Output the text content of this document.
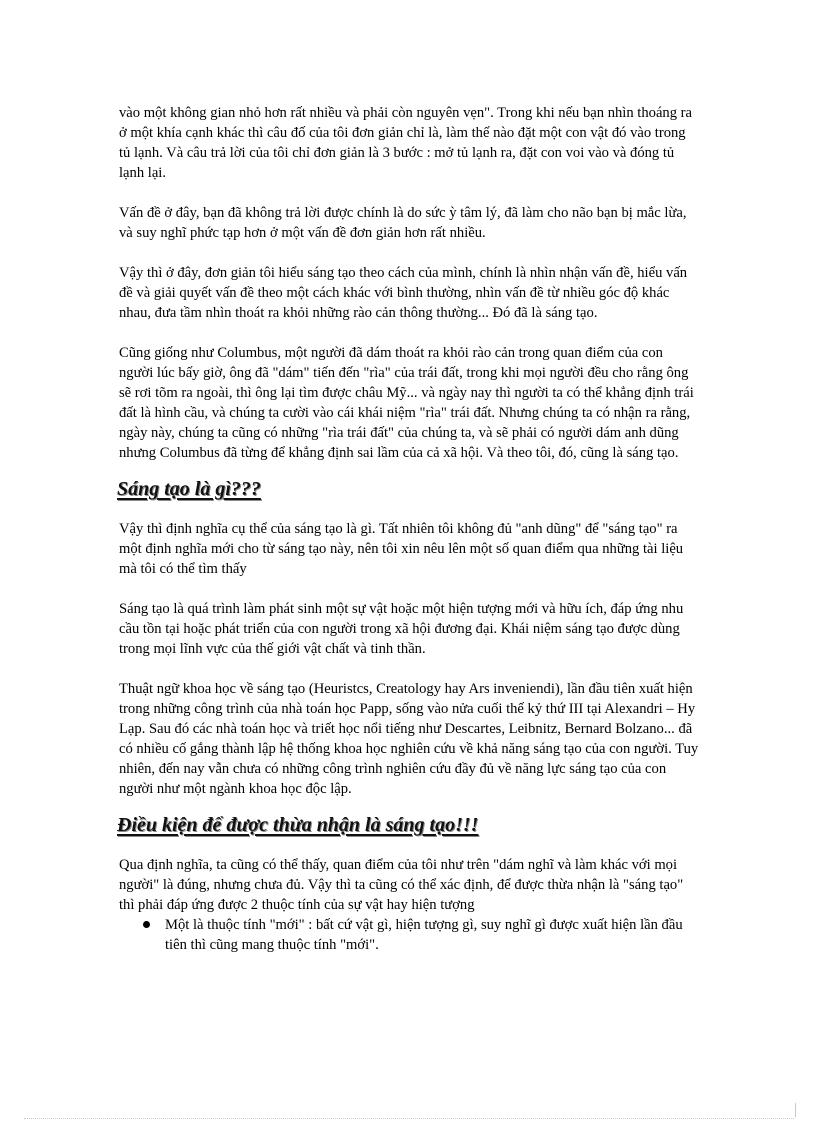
vào một không gian nhỏ hơn rất nhiều và phải còn nguyên vẹn". Trong khi nếu bạn nhìn thoáng ra ở một khía cạnh khác thì câu đố của tôi đơn giản chỉ là, làm thế nào đặt một con vật đó vào trong tủ lạnh. Và câu trả lời của tôi chỉ đơn giản là 3 bước : mở tủ lạnh ra, đặt con voi vào và đóng tủ lạnh lại.

Vấn đề ở đây, bạn đã không trả lời được chính là do sức ỳ tâm lý, đã làm cho não bạn bị mắc lừa, và suy nghĩ phức tạp hơn ở một vấn đề đơn giản hơn rất nhiều.

Vậy thì ở đây, đơn giản tôi hiểu sáng tạo theo cách của mình, chính là nhìn nhận vấn đề, hiểu vấn đề và giải quyết vấn đề theo một cách khác với bình thường, nhìn vấn đề từ nhiều góc độ khác nhau, đưa tầm nhìn thoát ra khỏi những rào cản thông thường... Đó đã là sáng tạo.

Cũng giống như Columbus, một người đã dám thoát ra khỏi rào cản trong quan điểm của con người lúc bấy giờ, ông đã "dám" tiến đến "rìa" của trái đất, trong khi mọi người đều cho rằng ông sẽ rơi tõm ra ngoài, thì ông lại tìm được châu Mỹ... và ngày nay thì người ta có thể khẳng định trái đất là hình cầu, và chúng ta cười vào cái khái niệm "rìa" trái đất. Nhưng chúng ta có nhận ra rằng, ngày này, chúng ta cũng có những "rìa trái đất" của chúng ta, và sẽ phải có người dám anh dũng nhưng Columbus đã từng để khẳng định sai lầm của cả xã hội. Và theo tôi, đó, cũng là sáng tạo.

Sáng tạo là gì???

Vậy thì định nghĩa cụ thể của sáng tạo là gì. Tất nhiên tôi không đủ "anh dũng" để "sáng tạo" ra một định nghĩa mới cho từ sáng tạo này, nên tôi xin nêu lên một số quan điểm qua những tài liệu mà tôi có thể tìm thấy

Sáng tạo là quá trình làm phát sinh một sự vật hoặc một hiện tượng mới và hữu ích, đáp ứng nhu cầu tồn tại hoặc phát triển của con người trong xã hội đương đại. Khái niệm sáng tạo được dùng trong mọi lĩnh vực của thế giới vật chất và tinh thần.

Thuật ngữ khoa học về sáng tạo (Heuristcs, Creatology hay Ars inveniendi), lần đầu tiên xuất hiện trong những công trình của nhà toán học Papp, sống vào nửa cuối thế kỷ thứ III tại Alexandri – Hy Lạp. Sau đó các nhà toán học và triết học nổi tiếng như Descartes, Leibnitz, Bernard Bolzano... đã có nhiều cố gắng thành lập hệ thống khoa học nghiên cứu về khả năng sáng tạo của con người. Tuy nhiên, đến nay vẫn chưa có những công trình nghiên cứu đầy đủ về năng lực sáng tạo của con người như một ngành khoa học độc lập.

Điều kiện để được thừa nhận là sáng tạo!!!

Qua định nghĩa, ta cũng có thể thấy, quan điểm của tôi như trên "dám nghĩ và làm khác với mọi người" là đúng, nhưng chưa đủ. Vậy thì ta cũng có thể xác định, để được thừa nhận là "sáng tạo" thì phải đáp ứng được 2 thuộc tính của sự vật hay hiện tượng

Một là thuộc tính "mới" : bất cứ vật gì, hiện tượng gì, suy nghĩ gì được xuất hiện lần đầu tiên thì cũng mang thuộc tính "mới".
